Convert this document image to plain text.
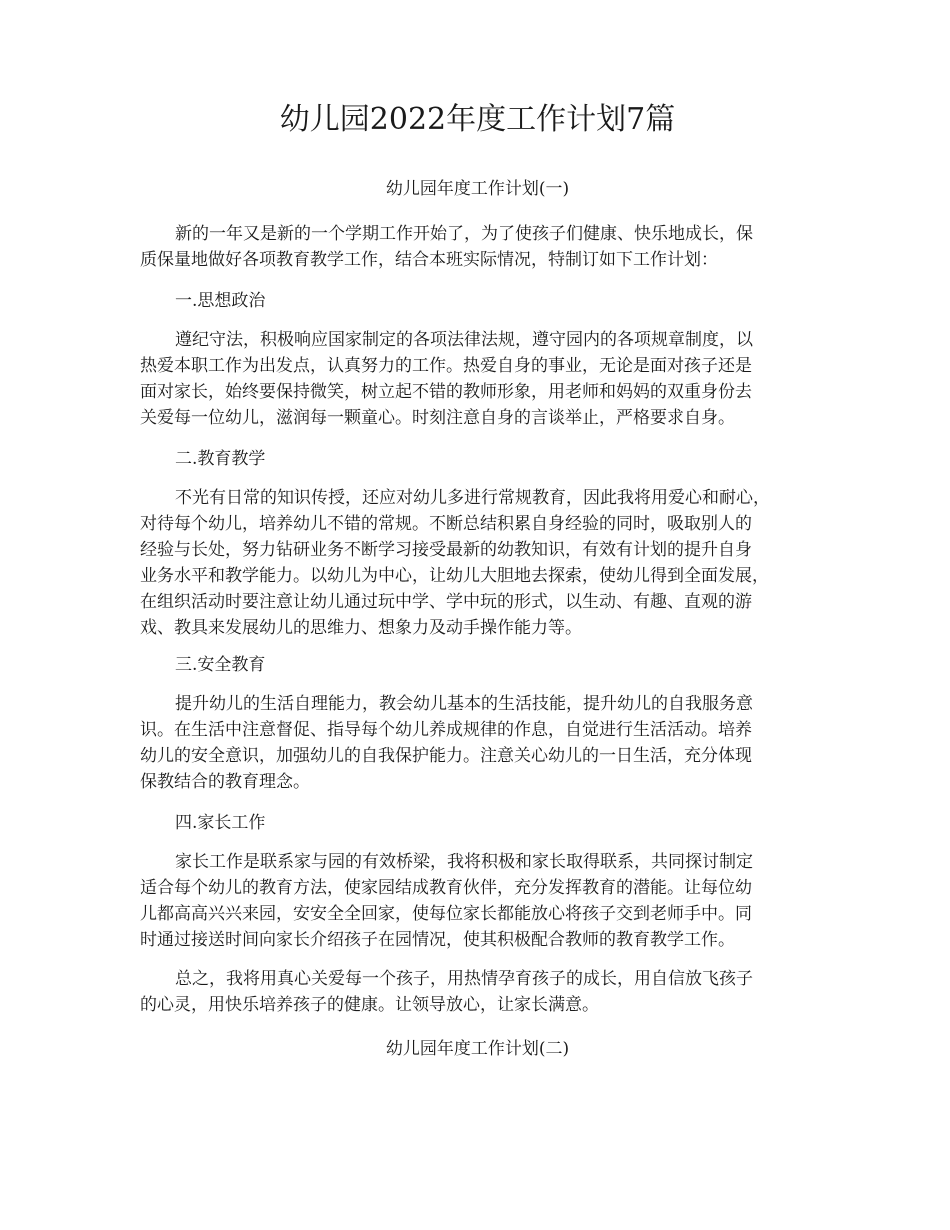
幼儿园2022年度工作计划7篇
幼儿园年度工作计划(一)
新的一年又是新的一个学期工作开始了，为了使孩子们健康、快乐地成长，保
质保量地做好各项教育教学工作，结合本班实际情况，特制订如下工作计划：
一.思想政治
遵纪守法，积极响应国家制定的各项法律法规，遵守园内的各项规章制度，以
热爱本职工作为出发点，认真努力的工作。热爱自身的事业，无论是面对孩子还是
面对家长，始终要保持微笑，树立起不错的教师形象，用老师和妈妈的双重身份去
关爱每一位幼儿，滋润每一颗童心。时刻注意自身的言谈举止，严格要求自身。
二.教育教学
不光有日常的知识传授，还应对幼儿多进行常规教育，因此我将用爱心和耐心，
对待每个幼儿，培养幼儿不错的常规。不断总结积累自身经验的同时，吸取别人的
经验与长处，努力钻研业务不断学习接受最新的幼教知识，有效有计划的提升自身
业务水平和教学能力。以幼儿为中心，让幼儿大胆地去探索，使幼儿得到全面发展，
在组织活动时要注意让幼儿通过玩中学、学中玩的形式，以生动、有趣、直观的游
戏、教具来发展幼儿的思维力、想象力及动手操作能力等。
三.安全教育
提升幼儿的生活自理能力，教会幼儿基本的生活技能，提升幼儿的自我服务意
识。在生活中注意督促、指导每个幼儿养成规律的作息，自觉进行生活活动。培养
幼儿的安全意识，加强幼儿的自我保护能力。注意关心幼儿的一日生活，充分体现
保教结合的教育理念。
四.家长工作
家长工作是联系家与园的有效桥梁，我将积极和家长取得联系，共同探讨制定
适合每个幼儿的教育方法，使家园结成教育伙伴，充分发挥教育的潜能。让每位幼
儿都高高兴兴来园，安安全全回家，使每位家长都能放心将孩子交到老师手中。同
时通过接送时间向家长介绍孩子在园情况，使其积极配合教师的教育教学工作。
总之，我将用真心关爱每一个孩子，用热情孕育孩子的成长，用自信放飞孩子
的心灵，用快乐培养孩子的健康。让领导放心，让家长满意。
幼儿园年度工作计划(二)
